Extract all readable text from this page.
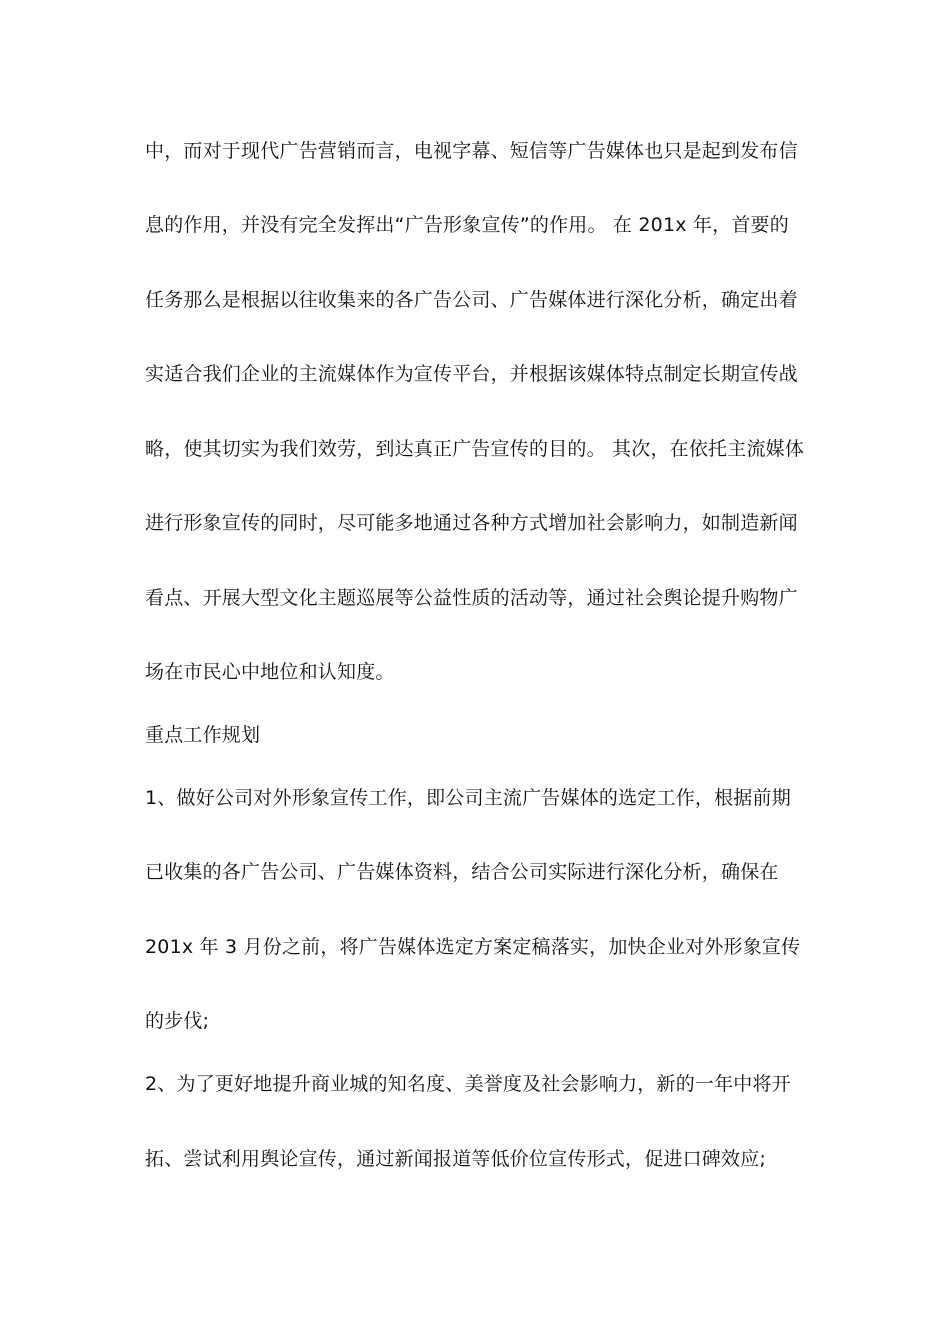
中，而对于现代广告营销而言，电视字幕、短信等广告媒体也只是起到发布信
息的作用，并没有完全发挥出“广告形象宣传”的作用。 在 201x 年，首要的
任务那么是根据以往收集来的各广告公司、广告媒体进行深化分析，确定出着
实适合我们企业的主流媒体作为宣传平台，并根据该媒体特点制定长期宣传战
略，使其切实为我们效劳，到达真正广告宣传的目的。 其次，在依托主流媒体
进行形象宣传的同时，尽可能多地通过各种方式增加社会影响力，如制造新闻
看点、开展大型文化主题巡展等公益性质的活动等，通过社会舆论提升购物广
场在市民心中地位和认知度。
重点工作规划
1、做好公司对外形象宣传工作，即公司主流广告媒体的选定工作，根据前期
已收集的各广告公司、广告媒体资料，结合公司实际进行深化分析，确保在
201x 年 3 月份之前，将广告媒体选定方案定稿落实，加快企业对外形象宣传
的步伐;
2、为了更好地提升商业城的知名度、美誉度及社会影响力，新的一年中将开
拓、尝试利用舆论宣传，通过新闻报道等低价位宣传形式，促进口碑效应;
